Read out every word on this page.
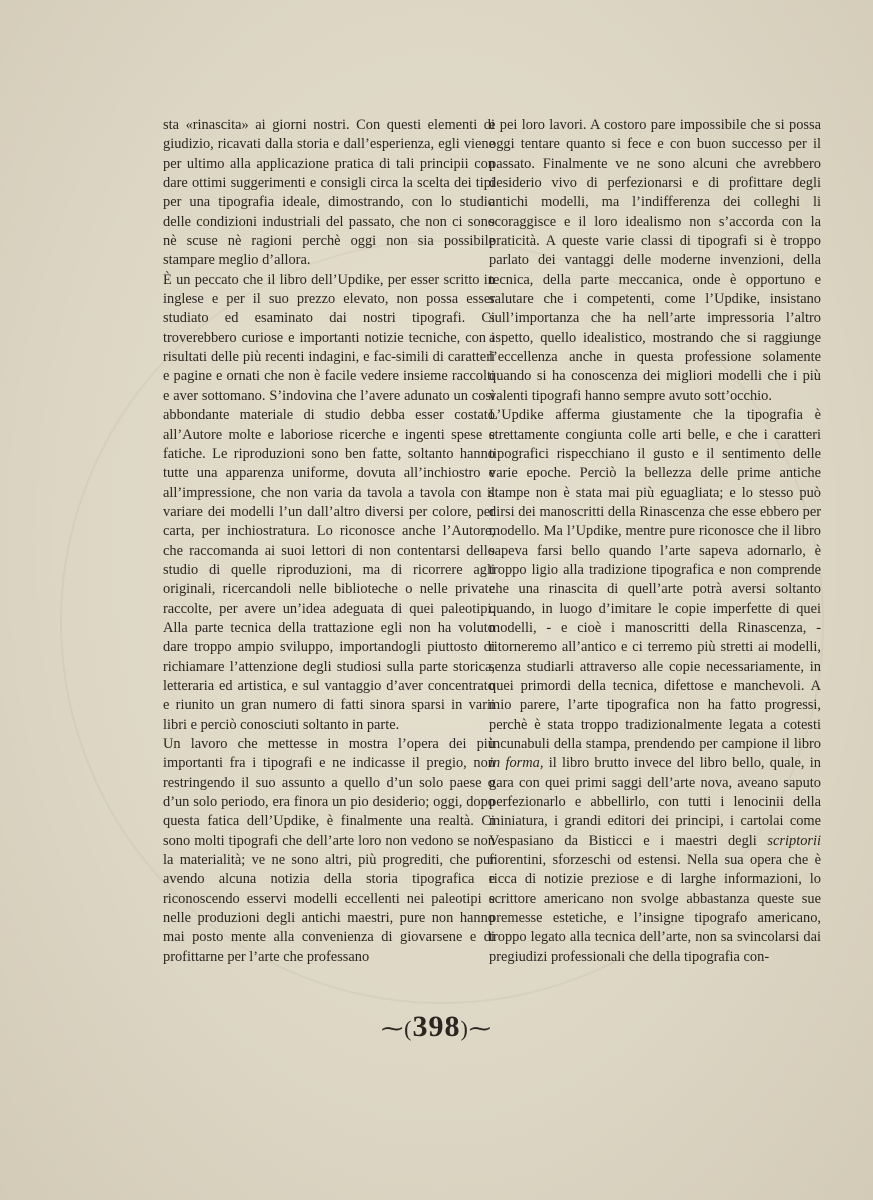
sta «rinascita» ai giorni nostri. Con questi elementi di giudizio, ricavati dalla storia e dall’esperienza, egli viene per ultimo alla applicazione pratica di tali principii con dare ottimi suggerimenti e consigli circa la scelta dei tipi per una tipografia ideale, dimostrando, con lo studio delle condizioni industriali del passato, che non ci sono nè scuse nè ragioni perchè oggi non sia possibile stampare meglio d’allora.

È un peccato che il libro dell’Updike, per esser scritto in inglese e per il suo prezzo elevato, non possa esser studiato ed esaminato dai nostri tipografi. Ci troverebbero curiose e importanti notizie tecniche, con i risultati delle più recenti indagini, e fac-simili di caratteri e pagine e ornati che non è facile vedere insieme raccolti e aver sottomano. S’indovina che l’avere adunato un così abbondante materiale di studio debba esser costato all’Autore molte e laboriose ricerche e ingenti spese e fatiche. Le riproduzioni sono ben fatte, soltanto hanno tutte una apparenza uniforme, dovuta all’inchiostro e all’impressione, che non varia da tavola a tavola con il variare dei modelli l’un dall’altro diversi per colore, per carta, per inchiostratura. Lo riconosce anche l’Autore, che raccomanda ai suoi lettori di non contentarsi dello studio di quelle riproduzioni, ma di ricorrere agli originali, ricercandoli nelle biblioteche o nelle private raccolte, per avere un’idea adeguata di quei paleotipi. Alla parte tecnica della trattazione egli non ha voluto dare troppo ampio sviluppo, importandogli piuttosto di richiamare l’attenzione degli studiosi sulla parte storica, letteraria ed artistica, e sul vantaggio d’aver concentrato e riunito un gran numero di fatti sinora sparsi in varii libri e perciò conosciuti soltanto in parte.

Un lavoro che mettesse in mostra l’opera dei più importanti fra i tipografi e ne indicasse il pregio, non restringendo il suo assunto a quello d’un solo paese o d’un solo periodo, era finora un pio desiderio; oggi, dopo questa fatica dell’Updike, è finalmente una realtà. Ci sono molti tipografi che dell’arte loro non vedono se non la materialità; ve ne sono altri, più progrediti, che pur avendo alcuna notizia della storia tipografica e riconoscendo esservi modelli eccellenti nei paleotipi e nelle produzioni degli antichi maestri, pure non hanno mai posto mente alla convenienza di giovarsene e di profittarne per l’arte che professano

e pei loro lavori. A costoro pare impossibile che si possa oggi tentare quanto si fece e con buon successo per il passato. Finalmente ve ne sono alcuni che avrebbero desiderio vivo di perfezionarsi e di profittare degli antichi modelli, ma l’indifferenza dei colleghi li scoraggisce e il loro idealismo non s’accorda con la praticità. A queste varie classi di tipografi si è troppo parlato dei vantaggi delle moderne invenzioni, della tecnica, della parte meccanica, onde è opportuno e salutare che i competenti, come l’Updike, insistano sull’importanza che ha nell’arte impressoria l’altro aspetto, quello idealistico, mostrando che si raggiunge l’eccellenza anche in questa professione solamente quando si ha conoscenza dei migliori modelli che i più valenti tipografi hanno sempre avuto sott’occhio.

L’Updike afferma giustamente che la tipografia è strettamente congiunta colle arti belle, e che i caratteri tipografici rispecchiano il gusto e il sentimento delle varie epoche. Perciò la bellezza delle prime antiche stampe non è stata mai più eguagliata; e lo stesso può dirsi dei manoscritti della Rinascenza che esse ebbero per modello. Ma l’Updike, mentre pure riconosce che il libro sapeva farsi bello quando l’arte sapeva adornarlo, è troppo ligio alla tradizione tipografica e non comprende che una rinascita di quell’arte potrà aversi soltanto quando, in luogo d’imitare le copie imperfette di quei modelli, - e cioè i manoscritti della Rinascenza, - ritorneremo all’antico e ci terremo più stretti ai modelli, senza studiarli attraverso alle copie necessariamente, in quei primordi della tecnica, difettose e manchevoli. A mio parere, l’arte tipografica non ha fatto progressi, perchè è stata troppo tradizionalmente legata a cotesti incunabuli della stampa, prendendo per campione il libro in forma, il libro brutto invece del libro bello, quale, in gara con quei primi saggi dell’arte nova, aveano saputo perfezionarlo e abbellirlo, con tutti i lenocinii della miniatura, i grandi editori dei principi, i cartolai come Vespasiano da Bisticci e i maestri degli scriptorii fiorentini, sforzeschi od estensi. Nella sua opera che è ricca di notizie preziose e di larghe informazioni, lo scrittore americano non svolge abbastanza queste sue premesse estetiche, e l’insigne tipografo americano, troppo legato alla tecnica dell’arte, non sa svincolarsi dai pregiudizi professionali che della tipografia con-

⁓(398)⁓
